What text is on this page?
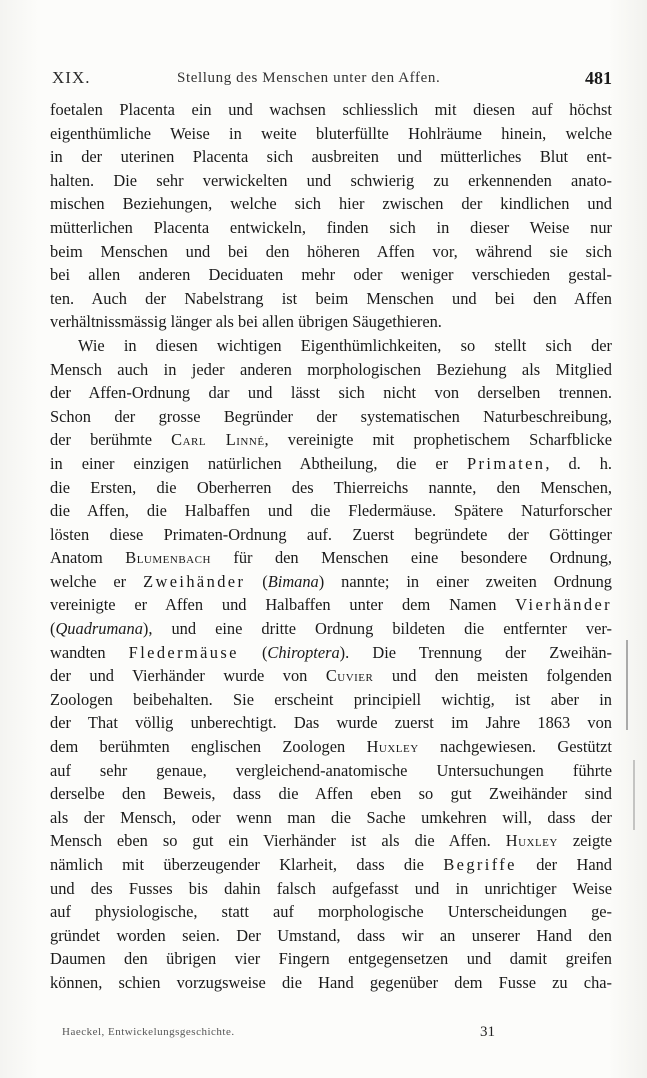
XIX.	Stellung des Menschen unter den Affen.	481
foetalen Placenta ein und wachsen schliesslich mit diesen auf höchst
eigenthümliche Weise in weite bluterfüllte Hohlräume hinein, welche
in der uterinen Placenta sich ausbreiten und mütterliches Blut ent-
halten. Die sehr verwickelten und schwierig zu erkennenden anato-
mischen Beziehungen, welche sich hier zwischen der kindlichen und
mütterlichen Placenta entwickeln, finden sich in dieser Weise nur
beim Menschen und bei den höheren Affen vor, während sie sich
bei allen anderen Deciduaten mehr oder weniger verschieden gestal-
ten. Auch der Nabelstrang ist beim Menschen und bei den Affen
verhältnissmässig länger als bei allen übrigen Säugethieren.
Wie in diesen wichtigen Eigenthümlichkeiten, so stellt sich der
Mensch auch in jeder anderen morphologischen Beziehung als Mitglied
der Affen-Ordnung dar und lässt sich nicht von derselben trennen.
Schon der grosse Begründer der systematischen Naturbeschreibung,
der berühmte Carl Linné, vereinigte mit prophetischem Scharfblicke
in einer einzigen natürlichen Abtheilung, die er Primaten, d. h.
die Ersten, die Oberherren des Thierreichs nannte, den Menschen,
die Affen, die Halbaffen und die Fledermäuse. Spätere Naturforscher
lösten diese Primaten-Ordnung auf. Zuerst begründete der Göttinger
Anatom Blumenbach für den Menschen eine besondere Ordnung,
welche er Zweihänder (Bimana) nannte; in einer zweiten Ordnung
vereinigte er Affen und Halbaffen unter dem Namen Vierhänder
(Quadrumana), und eine dritte Ordnung bildeten die entfernter ver-
wandten Fledermäuse (Chiroptera). Die Trennung der Zweihän-
der und Vierhänder wurde von Cuvier und den meisten folgenden
Zoologen beibehalten. Sie erscheint principiell wichtig, ist aber in
der That völlig unberechtigt. Das wurde zuerst im Jahre 1863 von
dem berühmten englischen Zoologen Huxley nachgewiesen. Gestützt
auf sehr genaue, vergleichend-anatomische Untersuchungen führte
derselbe den Beweis, dass die Affen eben so gut Zweihänder sind
als der Mensch, oder wenn man die Sache umkehren will, dass der
Mensch eben so gut ein Vierhänder ist als die Affen. Huxley zeigte
nämlich mit überzeugender Klarheit, dass die Begriffe der Hand
und des Fusses bis dahin falsch aufgefasst und in unrichtiger Weise
auf physiologische, statt auf morphologische Unterscheidungen ge-
gründet worden seien. Der Umstand, dass wir an unserer Hand den
Daumen den übrigen vier Fingern entgegensetzen und damit greifen
können, schien vorzugsweise die Hand gegenüber dem Fusse zu cha-
Haeckel, Entwickelungsgeschichte.	31
